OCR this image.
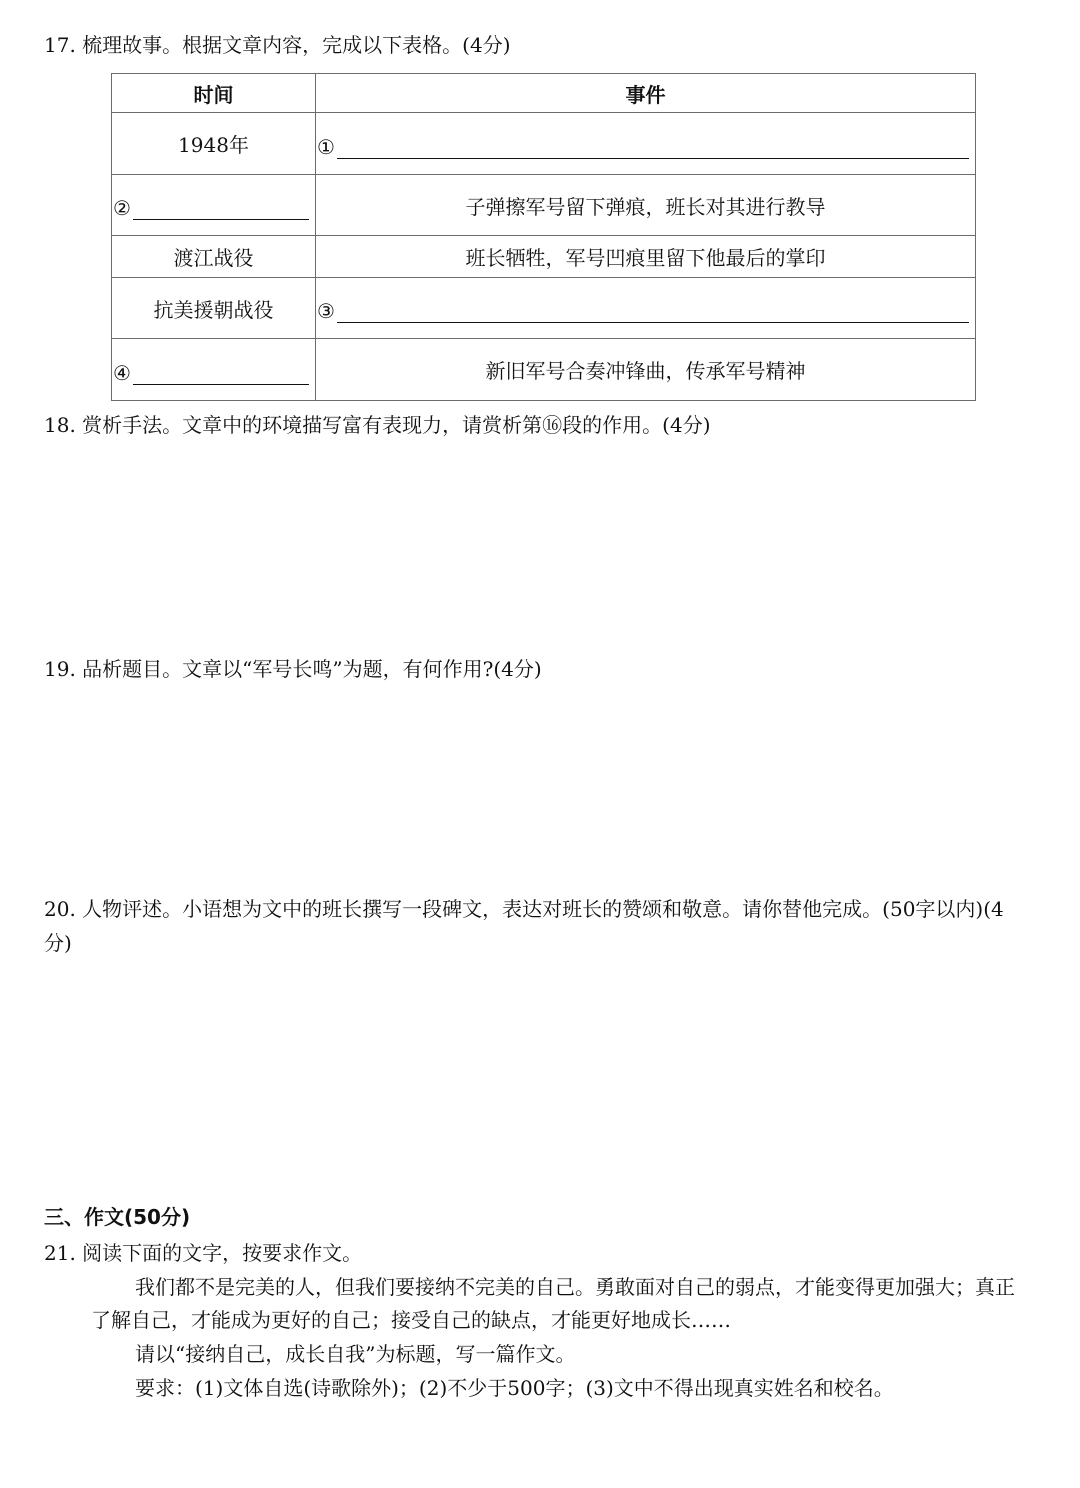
17. 梳理故事。根据文章内容，完成以下表格。(4分)
时间	事件
1948年	①

②	子弹擦军号留下弹痕，班长对其进行教导
渡江战役	班长牺牲，军号凹痕里留下他最后的掌印
抗美援朝战役	③

④	新旧军号合奏冲锋曲，传承军号精神
18. 赏析手法。文章中的环境描写富有表现力，请赏析第⑯段的作用。(4分)
19. 品析题目。文章以“军号长鸣”为题，有何作用?(4分)
20. 人物评述。小语想为文中的班长撰写一段碑文，表达对班长的赞颂和敬意。请你替他完成。(50字以内)(4
分)
三、作文(50分)
21. 阅读下面的文字，按要求作文。
我们都不是完美的人，但我们要接纳不完美的自己。勇敢面对自己的弱点，才能变得更加强大；真正
了解自己，才能成为更好的自己；接受自己的缺点，才能更好地成长……
请以“接纳自己，成长自我”为标题，写一篇作文。
要求：(1)文体自选(诗歌除外)；(2)不少于500字；(3)文中不得出现真实姓名和校名。
